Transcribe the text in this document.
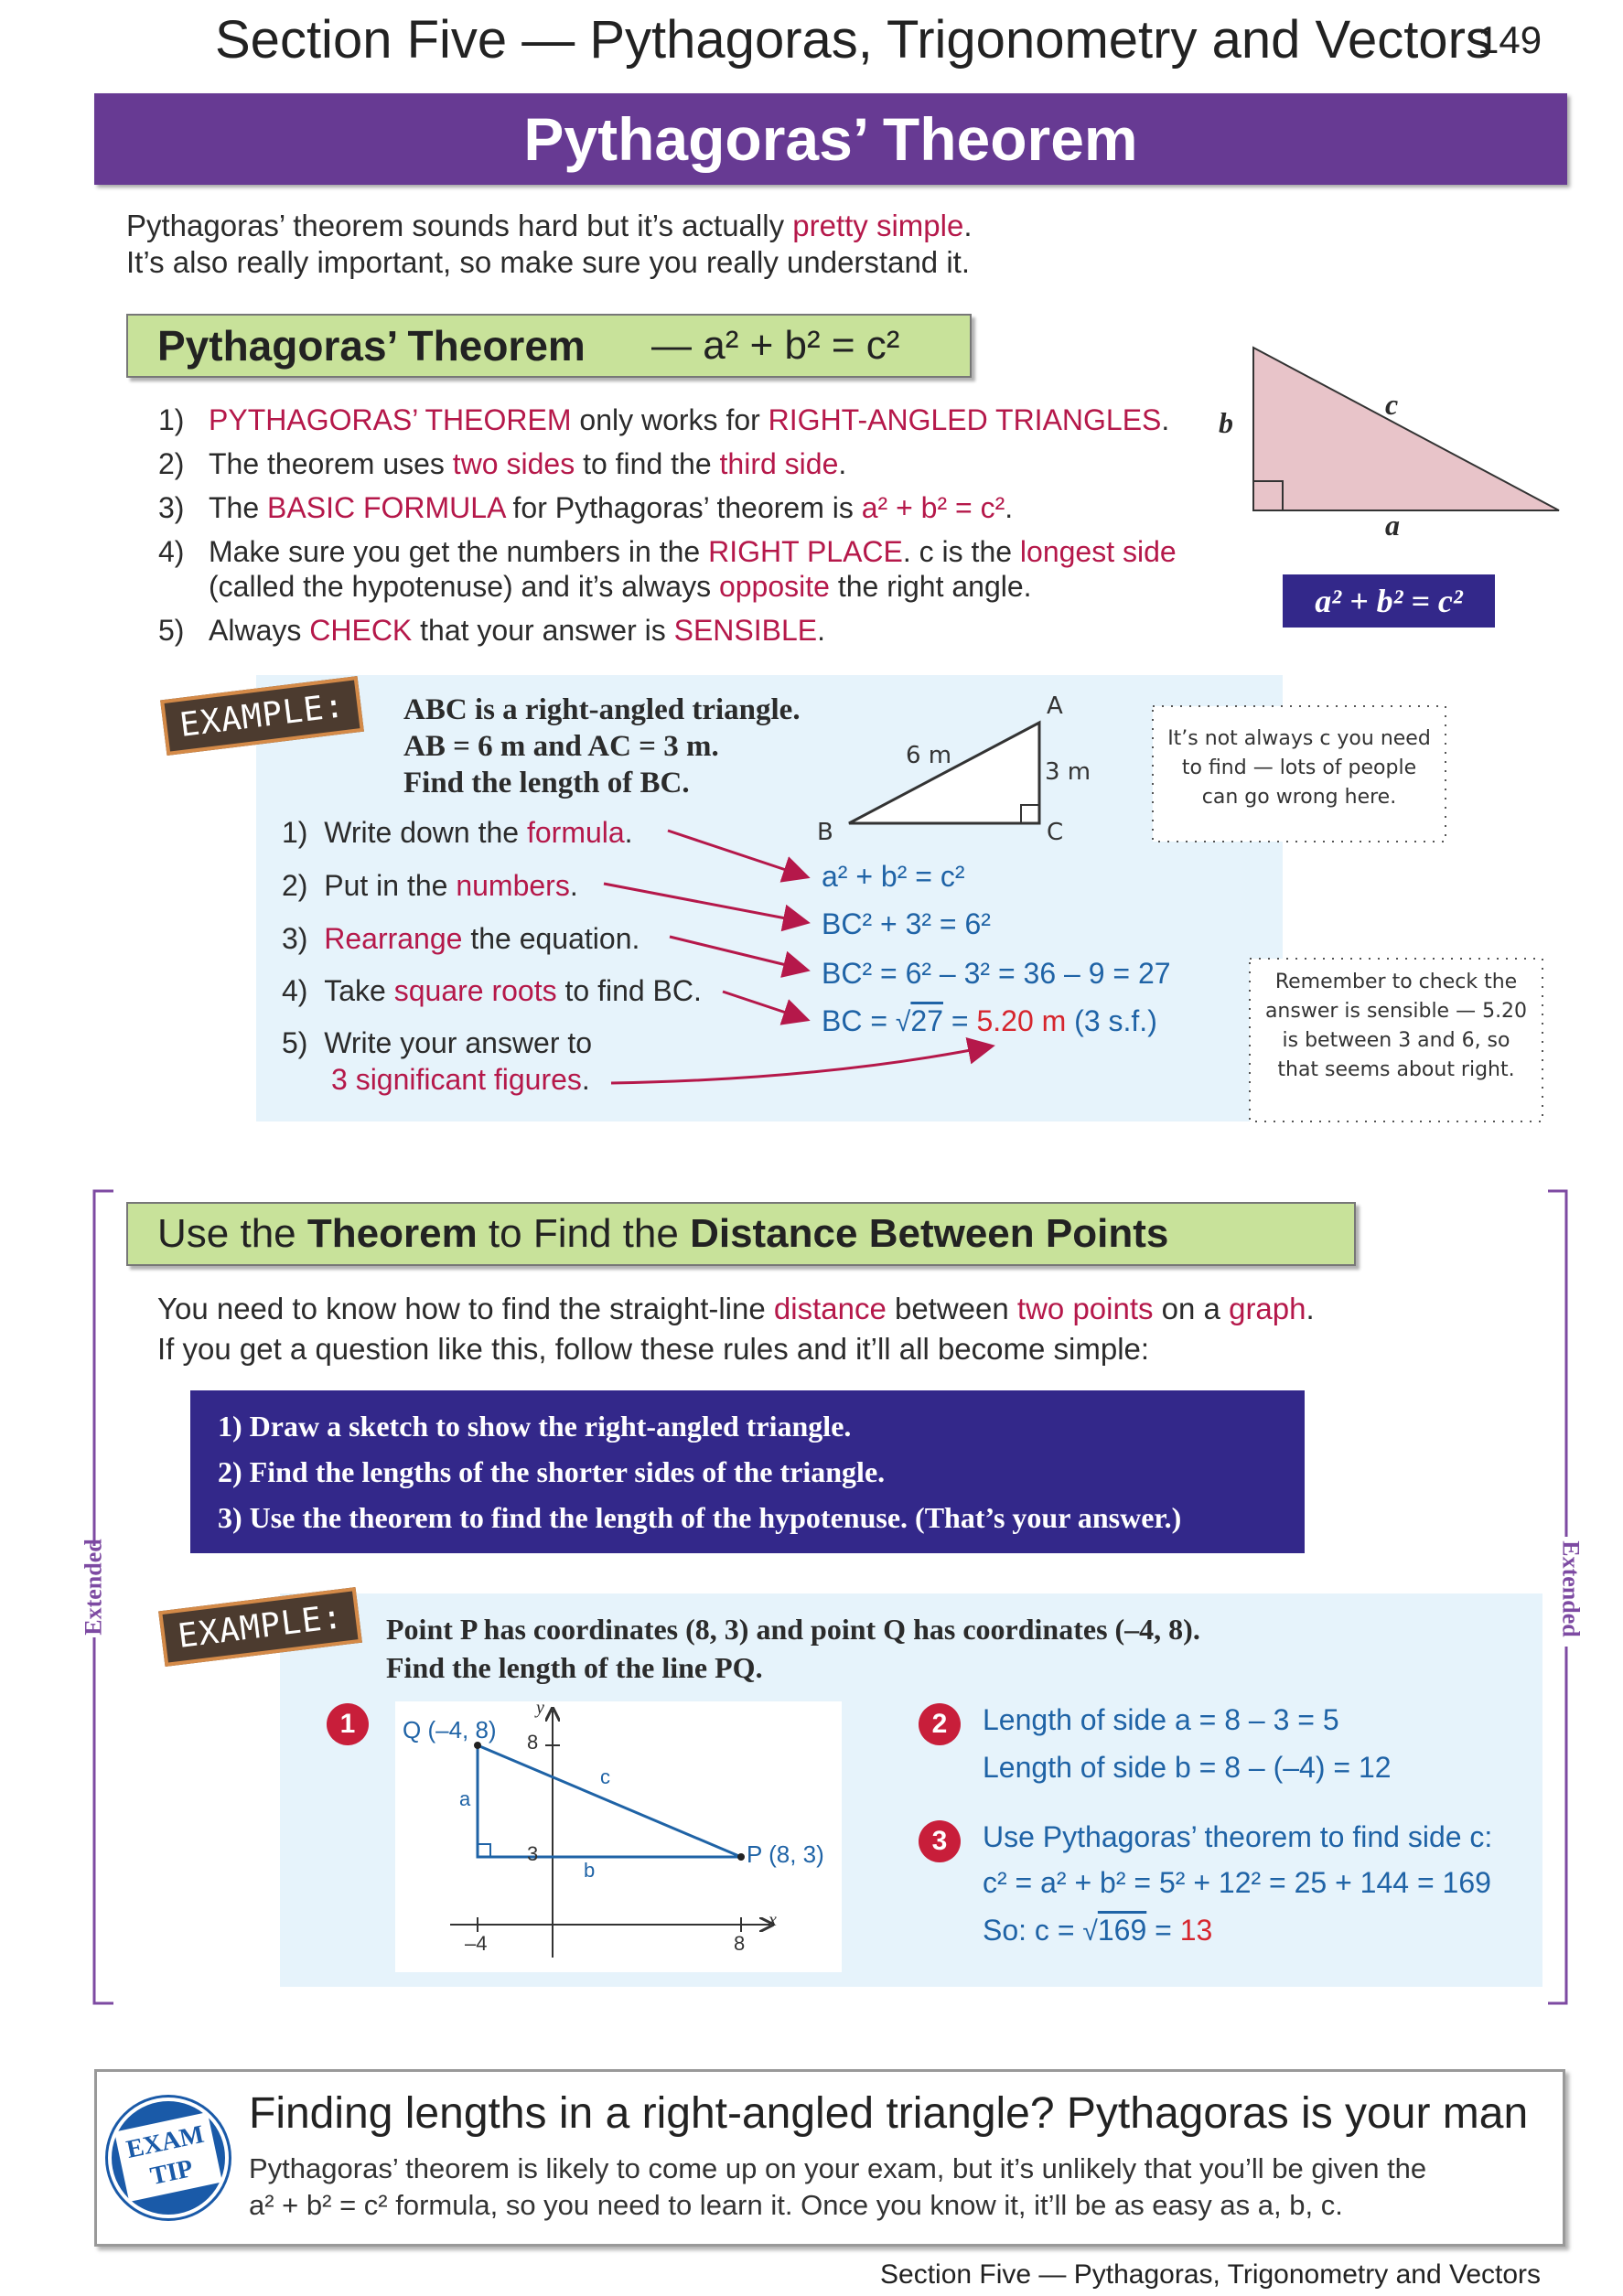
Section Five — Pythagoras, Trigonometry and Vectors
149
Pythagoras’ Theorem
Pythagoras’ theorem sounds hard but it’s actually pretty simple.
It’s also really important, so make sure you really understand it.
Pythagoras’ Theorem — a² + b² = c²
1) PYTHAGORAS’ THEOREM only works for RIGHT-ANGLED TRIANGLES.
2) The theorem uses two sides to find the third side.
3) The BASIC FORMULA for Pythagoras’ theorem is a² + b² = c².
4) Make sure you get the numbers in the RIGHT PLACE. c is the longest side
(called the hypotenuse) and it’s always opposite the right angle.
5) Always CHECK that your answer is SENSIBLE.
b
c
a
a² + b² = c²
EXAMPLE:	ABC is a right-angled triangle.
AB = 6 m and AC = 3 m.
Find the length of BC.
1) Write down the formula.
2) Put in the numbers.
3) Rearrange the equation.
4) Take square roots to find BC.
5) Write your answer to
3 significant figures.
A
B	C
6 m
3 m
a² + b² = c²
BC² + 3² = 6²
BC² = 6² – 3² = 36 – 9 = 27
BC = √27 = 5.20 m (3 s.f.)
It’s not always c you need
to find — lots of people
can go wrong here.
Remember to check the
answer is sensible — 5.20
is between 3 and 6, so
that seems about right.
Extended	Extended
Use the Theorem to Find the Distance Between Points
You need to know how to find the straight-line distance between two points on a graph.
If you get a question like this, follow these rules and it’ll all become simple:
1) Draw a sketch to show the right-angled triangle.
2) Find the lengths of the shorter sides of the triangle.
3) Use the theorem to find the length of the hypotenuse. (That’s your answer.)
EXAMPLE:	Point P has coordinates (8, 3) and point Q has coordinates (–4, 8).
Find the length of the line PQ.
1	2
3
Q (–4, 8)
P (8, 3)
y
x
8
3
–4	8
a
b
c
Length of side a = 8 – 3 = 5
Length of side b = 8 – (–4) = 12
Use Pythagoras’ theorem to find side c:
c² = a² + b² = 5² + 12² = 25 + 144 = 169
So: c = √169 = 13
EXAM
TIP
Finding lengths in a right-angled triangle? Pythagoras is your man
Pythagoras’ theorem is likely to come up on your exam, but it’s unlikely that you’ll be given the
a² + b² = c² formula, so you need to learn it. Once you know it, it’ll be as easy as a, b, c.
Section Five — Pythagoras, Trigonometry and Vectors
